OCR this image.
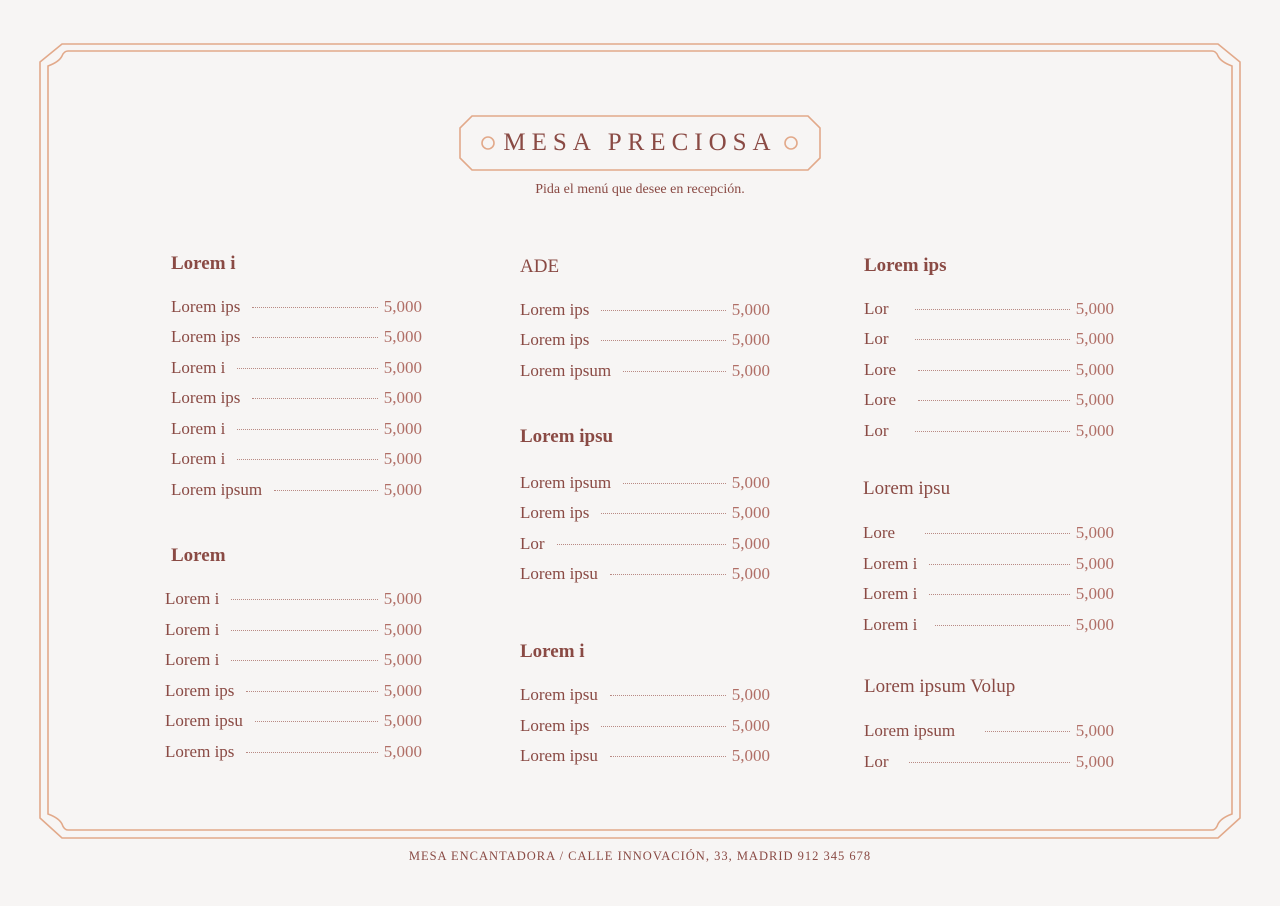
MESA PRECIOSA
Pida el menú que desee en recepción.
Lorem i
Lorem ips	5,000
Lorem ips	5,000
Lorem i	5,000
Lorem ips	5,000
Lorem i	5,000
Lorem i	5,000
Lorem ipsum	5,000
Lorem
Lorem i	5,000
Lorem i	5,000
Lorem i	5,000
Lorem ips	5,000
Lorem ipsu	5,000
Lorem ips	5,000
ADE
Lorem ips	5,000
Lorem ips	5,000
Lorem ipsum	5,000
Lorem ipsu
Lorem ipsum	5,000
Lorem ips	5,000
Lor	5,000
Lorem ipsu	5,000
Lorem i
Lorem ipsu	5,000
Lorem ips	5,000
Lorem ipsu	5,000
Lorem ips
Lor	5,000
Lor	5,000
Lore	5,000
Lore	5,000
Lor	5,000
Lorem ipsu
Lore	5,000
Lorem i	5,000
Lorem i	5,000
Lorem i	5,000
Lorem ipsum Volup
Lorem ipsum	5,000
Lor	5,000
MESA ENCANTADORA / CALLE INNOVACIÓN, 33, MADRID 912 345 678
